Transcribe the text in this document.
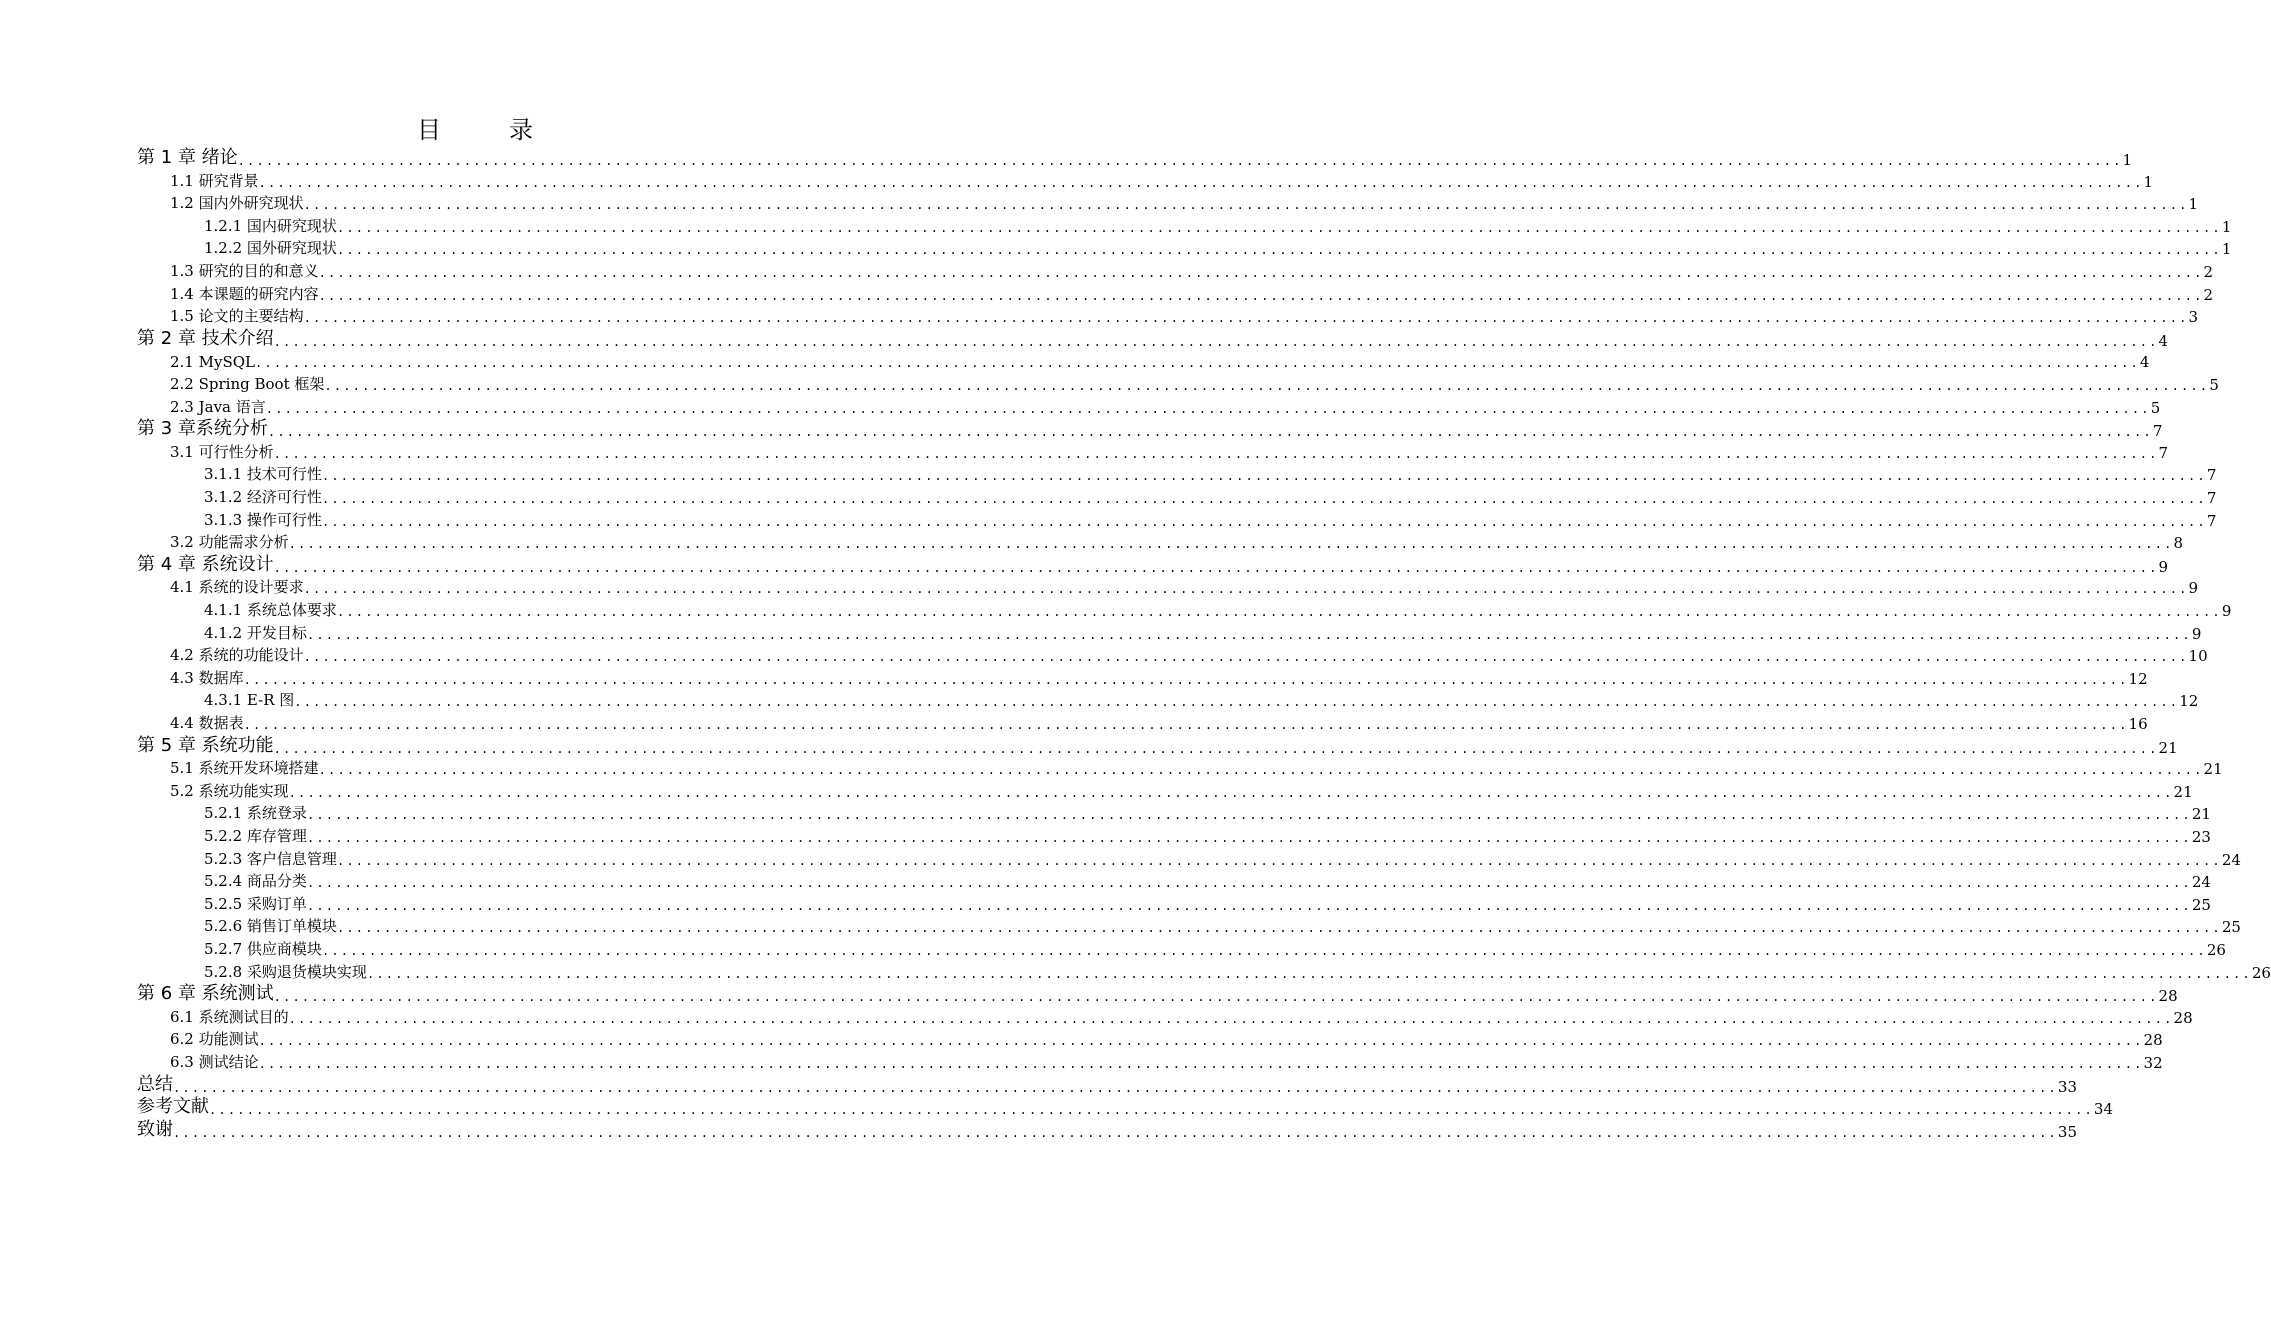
目　录
第 1 章 绪论 ........................................................................................................................................................................................................ 1
1.1 研究背景 ........................................................................................................................................................................................................ 1
1.2 国内外研究现状 ........................................................................................................................................................................................................ 1
1.2.1 国内研究现状 ........................................................................................................................................................................................................ 1
1.2.2 国外研究现状 ........................................................................................................................................................................................................ 1
1.3 研究的目的和意义 ........................................................................................................................................................................................................ 2
1.4 本课题的研究内容 ........................................................................................................................................................................................................ 2
1.5 论文的主要结构 ........................................................................................................................................................................................................ 3
第 2 章 技术介绍 ........................................................................................................................................................................................................ 4
2.1 MySQL ........................................................................................................................................................................................................ 4
2.2 Spring Boot 框架 ........................................................................................................................................................................................................ 5
2.3 Java 语言 ........................................................................................................................................................................................................ 5
第 3 章系统分析 ........................................................................................................................................................................................................ 7
3.1 可行性分析 ........................................................................................................................................................................................................ 7
3.1.1 技术可行性 ........................................................................................................................................................................................................ 7
3.1.2 经济可行性 ........................................................................................................................................................................................................ 7
3.1.3 操作可行性 ........................................................................................................................................................................................................ 7
3.2 功能需求分析 ........................................................................................................................................................................................................ 8
第 4 章 系统设计 ........................................................................................................................................................................................................ 9
4.1 系统的设计要求 ........................................................................................................................................................................................................ 9
4.1.1 系统总体要求 ........................................................................................................................................................................................................ 9
4.1.2 开发目标 ........................................................................................................................................................................................................ 9
4.2 系统的功能设计 ........................................................................................................................................................................................................ 10
4.3 数据库 ........................................................................................................................................................................................................ 12
4.3.1 E-R 图 ........................................................................................................................................................................................................ 12
4.4 数据表 ........................................................................................................................................................................................................ 16
第 5 章 系统功能 ........................................................................................................................................................................................................ 21
5.1 系统开发环境搭建 ........................................................................................................................................................................................................ 21
5.2 系统功能实现 ........................................................................................................................................................................................................ 21
5.2.1 系统登录 ........................................................................................................................................................................................................ 21
5.2.2 库存管理 ........................................................................................................................................................................................................ 23
5.2.3 客户信息管理 ........................................................................................................................................................................................................ 24
5.2.4 商品分类 ........................................................................................................................................................................................................ 24
5.2.5 采购订单 ........................................................................................................................................................................................................ 25
5.2.6 销售订单模块 ........................................................................................................................................................................................................ 25
5.2.7 供应商模块 ........................................................................................................................................................................................................ 26
5.2.8 采购退货模块实现 ........................................................................................................................................................................................................ 26
第 6 章 系统测试 ........................................................................................................................................................................................................ 28
6.1 系统测试目的 ........................................................................................................................................................................................................ 28
6.2 功能测试 ........................................................................................................................................................................................................ 28
6.3 测试结论 ........................................................................................................................................................................................................ 32
总结 ........................................................................................................................................................................................................ 33
参考文献 ........................................................................................................................................................................................................ 34
致谢 ........................................................................................................................................................................................................ 35
